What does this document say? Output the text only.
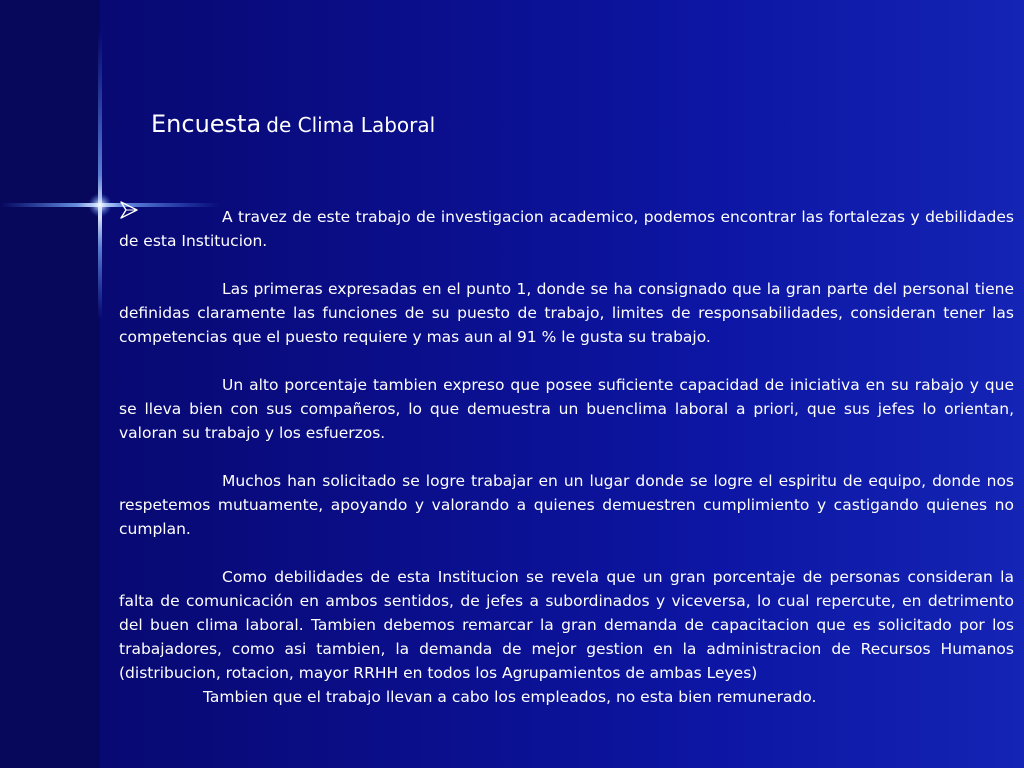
Encuesta de Clima Laboral

A travez de este trabajo de investigacion academico, podemos encontrar las fortalezas y debilidades de esta Institucion.

Las primeras expresadas en el punto 1, donde se ha consignado que la gran parte del personal tiene definidas claramente las funciones de su puesto de trabajo, limites de responsabilidades, consideran tener las competencias que el puesto requiere y mas aun al 91 % le gusta su trabajo.

Un alto porcentaje tambien expreso que posee suficiente capacidad de iniciativa en su rabajo y que se lleva bien con sus compañeros, lo que demuestra un buenclima laboral a priori, que sus jefes lo orientan, valoran su trabajo y los esfuerzos.

Muchos han solicitado se logre trabajar en un lugar donde se logre el espiritu de equipo, donde nos respetemos mutuamente, apoyando y valorando a quienes demuestren cumplimiento y castigando quienes no cumplan.

Como debilidades de esta Institucion se revela que un gran porcentaje de personas consideran la falta de comunicación en ambos sentidos, de jefes a subordinados y viceversa, lo cual repercute, en detrimento del buen clima laboral. Tambien debemos remarcar la gran demanda de capacitacion que es solicitado por los trabajadores, como asi tambien, la demanda de mejor gestion en la administracion de Recursos Humanos (distribucion, rotacion, mayor RRHH en todos los Agrupamientos de ambas Leyes)

Tambien que el trabajo llevan a cabo los empleados, no esta bien remunerado.
